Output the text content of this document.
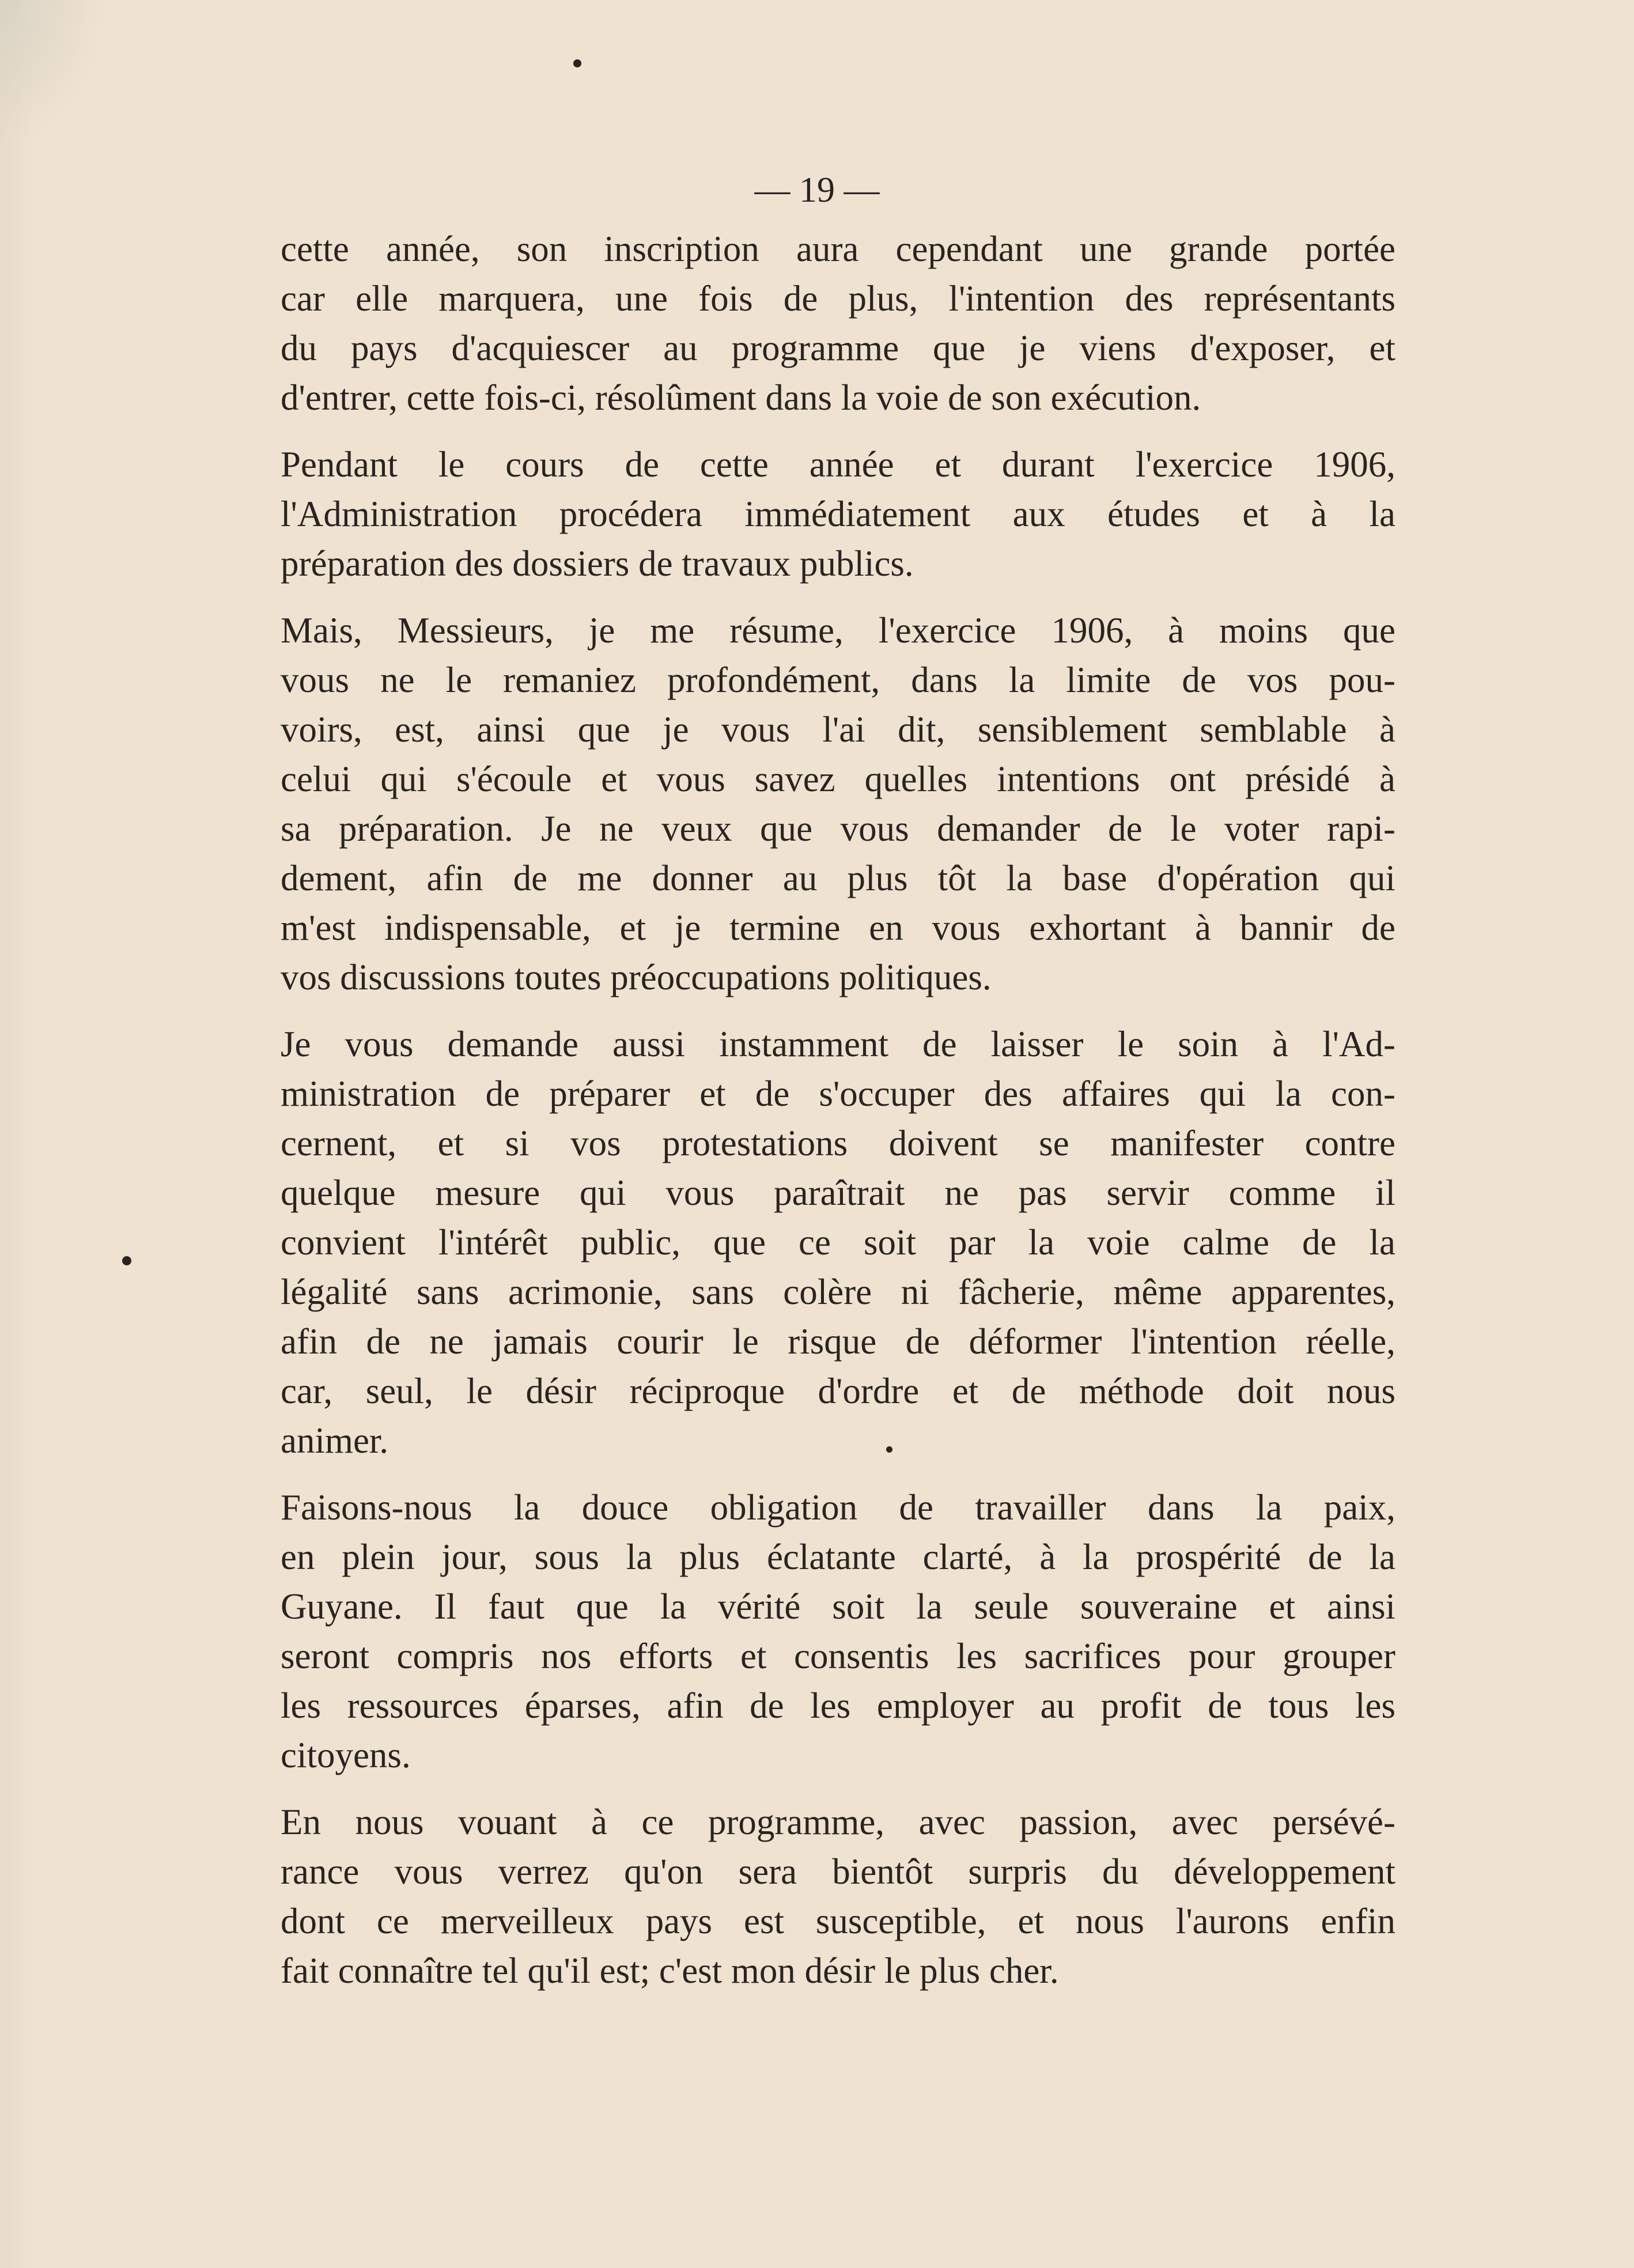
— 19 —
cette année, son inscription aura cependant une grande portée
car elle marquera, une fois de plus, l'intention des représentants
du pays d'acquiescer au programme que je viens d'exposer, et
d'entrer, cette fois-ci, résolûment dans la voie de son exécution.
Pendant le cours de cette année et durant l'exercice 1906,
l'Administration procédera immédiatement aux études et à la
préparation des dossiers de travaux publics.
Mais, Messieurs, je me résume, l'exercice 1906, à moins que
vous ne le remaniez profondément, dans la limite de vos pou-
voirs, est, ainsi que je vous l'ai dit, sensiblement semblable à
celui qui s'écoule et vous savez quelles intentions ont présidé à
sa préparation. Je ne veux que vous demander de le voter rapi-
dement, afin de me donner au plus tôt la base d'opération qui
m'est indispensable, et je termine en vous exhortant à bannir de
vos discussions toutes préoccupations politiques.
Je vous demande aussi instamment de laisser le soin à l'Ad-
ministration de préparer et de s'occuper des affaires qui la con-
cernent, et si vos protestations doivent se manifester contre
quelque mesure qui vous paraîtrait ne pas servir comme il
convient l'intérêt public, que ce soit par la voie calme de la
légalité sans acrimonie, sans colère ni fâcherie, même apparentes,
afin de ne jamais courir le risque de déformer l'intention réelle,
car, seul, le désir réciproque d'ordre et de méthode doit nous
animer.
Faisons-nous la douce obligation de travailler dans la paix,
en plein jour, sous la plus éclatante clarté, à la prospérité de la
Guyane. Il faut que la vérité soit la seule souveraine et ainsi
seront compris nos efforts et consentis les sacrifices pour grouper
les ressources éparses, afin de les employer au profit de tous les
citoyens.
En nous vouant à ce programme, avec passion, avec persévé-
rance vous verrez qu'on sera bientôt surpris du développement
dont ce merveilleux pays est susceptible, et nous l'aurons enfin
fait connaître tel qu'il est; c'est mon désir le plus cher.
